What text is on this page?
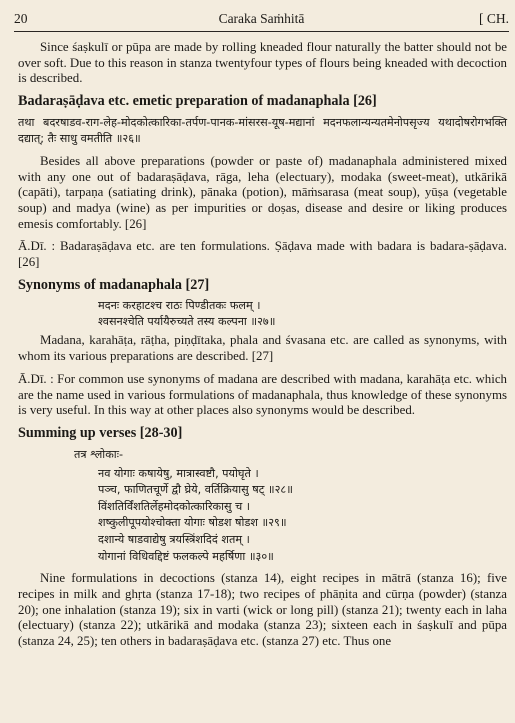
20	Caraka Saṁhitā	[ CH.

Since śaṣkulī or pūpa are made by rolling kneaded flour naturally the batter should not be over soft. Due to this reason in stanza twentyfour types of flours being kneaded with decoction is described.

Badaraṣāḍava etc. emetic preparation of madanaphala [26]
तथा बदरषाडव-राग-लेह-मोदकोत्कारिका-तर्पण-पानक-मांसरस-यूष-मद्यानां मदनफलान्यन्यतमेनोपसृज्य यथादोषरोगभक्ति दद्यात्; तैः साधु वमतीति ॥२६॥

Besides all above preparations (powder or paste of) madanaphala administered mixed with any one out of badaraṣāḍava, rāga, leha (electuary), modaka (sweet-meat), utkārikā (capāti), tarpaṇa (satiating drink), pānaka (potion), māṁsarasa (meat soup), yūṣa (vegetable soup) and madya (wine) as per impurities or doṣas, disease and desire or liking produces emesis comfortably. [26]

Ā.Dī. : Badaraṣāḍava etc. are ten formulations. Ṣāḍava made with badara is badara-ṣāḍava. [26]

Synonyms of madanaphala [27]
मदनः करहाटश्च राठः पिण्डीतकः फलम् ।
श्वसनश्चेति पर्यायैरुच्यते तस्य कल्पना ॥२७॥

Madana, karahāṭa, rāṭha, piṇḍītaka, phala and śvasana etc. are called as synonyms, with whom its various preparations are described. [27]

Ā.Dī. : For common use synonyms of madana are described with madana, karahāṭa etc. which are the name used in various formulations of madanaphala, thus knowledge of these synonyms is very useful. In this way at other places also synonyms would be described.

Summing up verses [28-30]
तत्र श्लोकाः-
नव योगाः कषायेषु, मात्रास्वष्टौ, पयोघृते ।
पञ्च, फाणितचूर्णे द्वौ घ्रेये, वर्तिक्रियासु षट् ॥२८॥
विंशतिर्विंशतिर्लेहमोदकोत्कारिकासु च ।
शष्कुलीपूपयोश्चोक्ता योगाः षोडश षोडश ॥२९॥
दशान्ये षाडवाद्येषु त्रयस्त्रिंशदिदं शतम् ।
योगानां विधिवद्दिष्टं फलकल्पे महर्षिणा ॥३०॥

Nine formulations in decoctions (stanza 14), eight recipes in mātrā (stanza 16); five recipes in milk and ghṛta (stanza 17-18); two recipes of phāṇita and cūrṇa (powder) (stanza 20); one inhalation (stanza 19); six in varti (wick or long pill) (stanza 21); twenty each in laha (electuary) (stanza 22); utkārikā and modaka (stanza 23); sixteen each in śaṣkulī and pūpa (stanza 24, 25); ten others in badaraṣāḍava etc. (stanza 27) etc. Thus one
